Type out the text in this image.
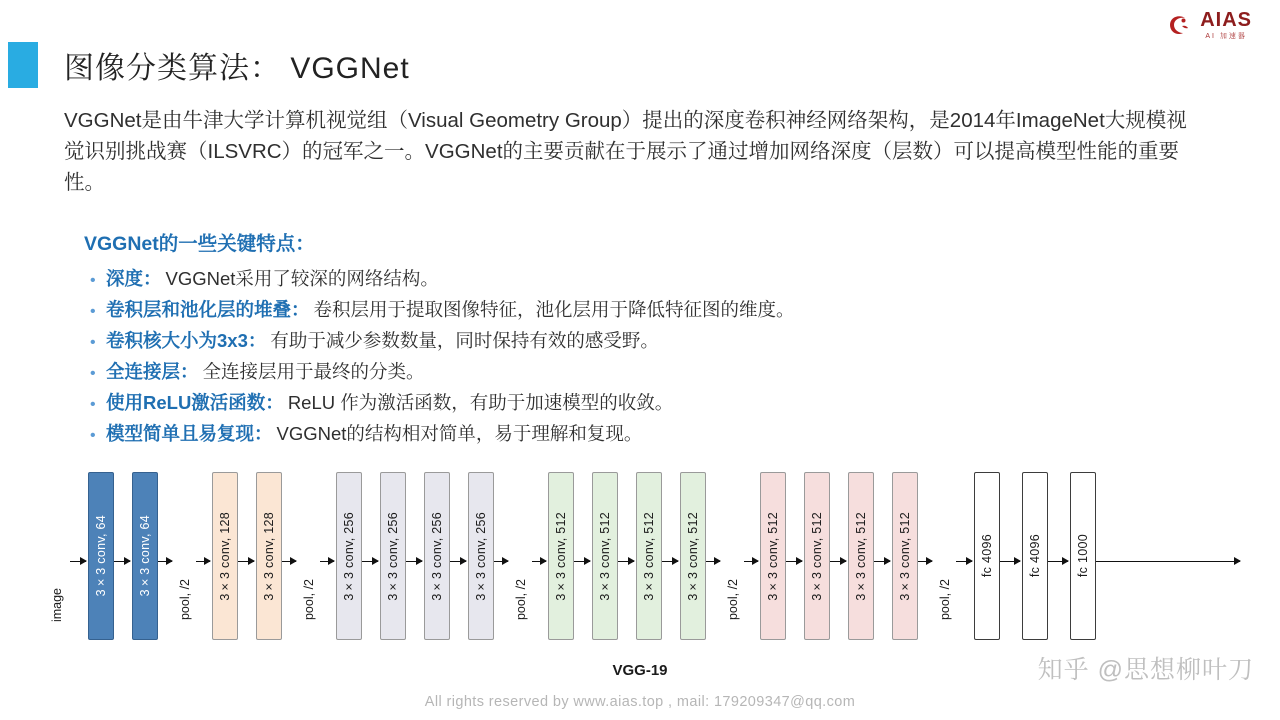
AIAS
AI 加速器
图像分类算法： VGGNet
VGGNet是由牛津大学计算机视觉组（Visual Geometry Group）提出的深度卷积神经网络架构，是2014年ImageNet大规模视觉识别挑战赛（ILSVRC）的冠军之一。VGGNet的主要贡献在于展示了通过增加网络深度（层数）可以提高模型性能的重要性。
VGGNet的一些关键特点：
• 深度： VGGNet采用了较深的网络结构。
• 卷积层和池化层的堆叠： 卷积层用于提取图像特征，池化层用于降低特征图的维度。
• 卷积核大小为3x3： 有助于减少参数数量，同时保持有效的感受野。
• 全连接层： 全连接层用于最终的分类。
• 使用ReLU激活函数： ReLU 作为激活函数，有助于加速模型的收敛。
• 模型简单且易复现： VGGNet的结构相对简单，易于理解和复现。
image
3×3 conv, 64 3×3 conv, 64
pool, /2 3×3 conv, 128 3×3 conv, 128 pool, /2 3×3 conv, 256 3×3 conv, 256 3×3 conv, 256 3×3 conv, 256 pool, /2 3×3 conv, 512 3×3 conv, 512 3×3 conv, 512 3×3 conv, 512 pool, /2 3×3 conv, 512 3×3 conv, 512 3×3 conv, 512 3×3 conv, 512 pool, /2
fc 4096	fc 4096	fc 1000
VGG-19
All rights reserved by www.aias.top , mail: 179209347@qq.com
知乎 @思想柳叶刀
